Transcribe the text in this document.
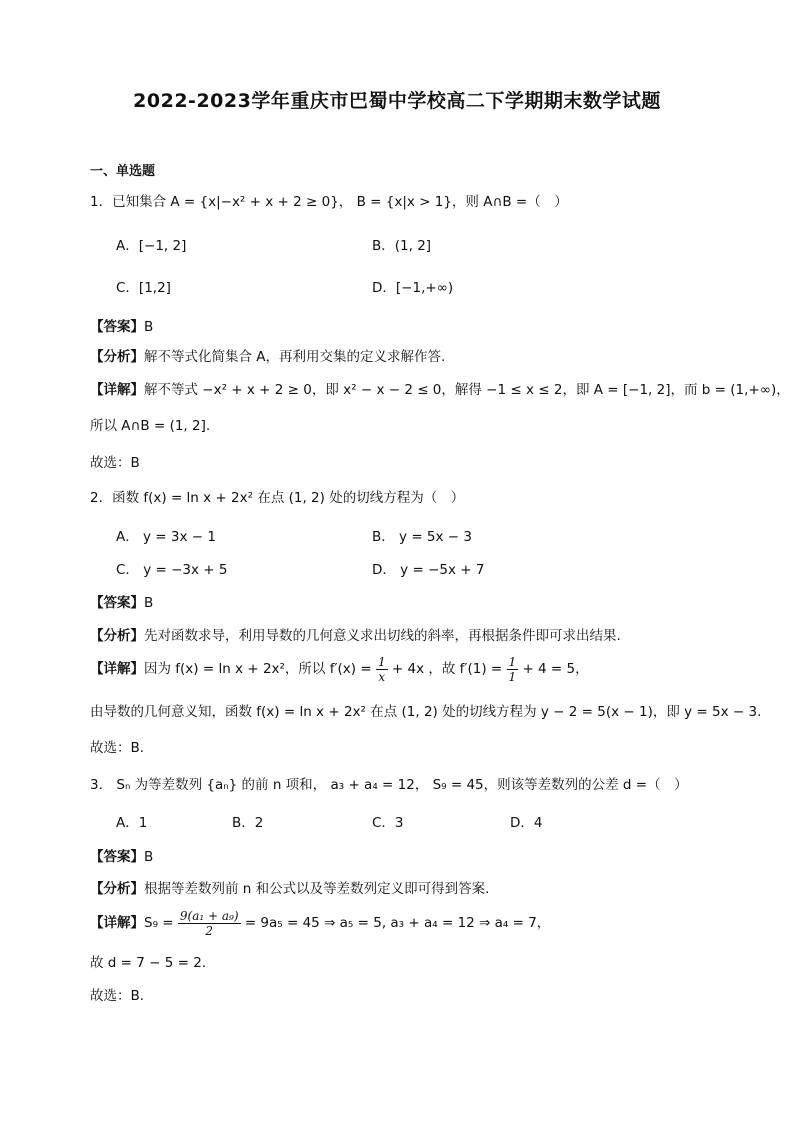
2022-2023学年重庆市巴蜀中学校高二下学期期末数学试题
一、单选题
1．已知集合 A = {x|−x² + x + 2 ≥ 0}， B = {x|x > 1}，则 A∩B =（　）
A．[−1, 2]	B．(1, 2]
C．[1,2]	D．[−1,+∞)
【答案】B
【分析】解不等式化简集合 A，再利用交集的定义求解作答.
【详解】解不等式 −x² + x + 2 ≥ 0，即 x² − x − 2 ≤ 0，解得 −1 ≤ x ≤ 2，即 A = [−1, 2]，而 b = (1,+∞)，
所以 A∩B = (1, 2].
故选：B
2．函数 f(x) = ln x + 2x² 在点 (1, 2) 处的切线方程为（　）
A． y = 3x − 1	B． y = 5x − 3
C． y = −3x + 5	D． y = −5x + 7
【答案】B
【分析】先对函数求导，利用导数的几何意义求出切线的斜率，再根据条件即可求出结果.
【详解】因为 f(x) = ln x + 2x²，所以 $f'(x) = \frac{1}{x} + 4x$ ，故 $f'(1) = \frac{1}{1} + 4 = 5$，
由导数的几何意义知，函数 f(x) = ln x + 2x² 在点 (1, 2) 处的切线方程为 y − 2 = 5(x − 1)，即 y = 5x − 3.
故选：B.
3． Sₙ 为等差数列 {aₙ} 的前 n 项和， a₃ + a₄ = 12， S₉ = 45，则该等差数列的公差 d =（　）
A．1	B．2	C．3	D．4
【答案】B
【分析】根据等差数列前 n 和公式以及等差数列定义即可得到答案.
【详解】$S_9 = \frac{\text{9(a₁ + a₉)}}{2} = 9a_5 = 45$ ⇒ a₅ = 5, a₃ + a₄ = 12 ⇒ a₄ = 7，
故 d = 7 − 5 = 2.
故选：B.
